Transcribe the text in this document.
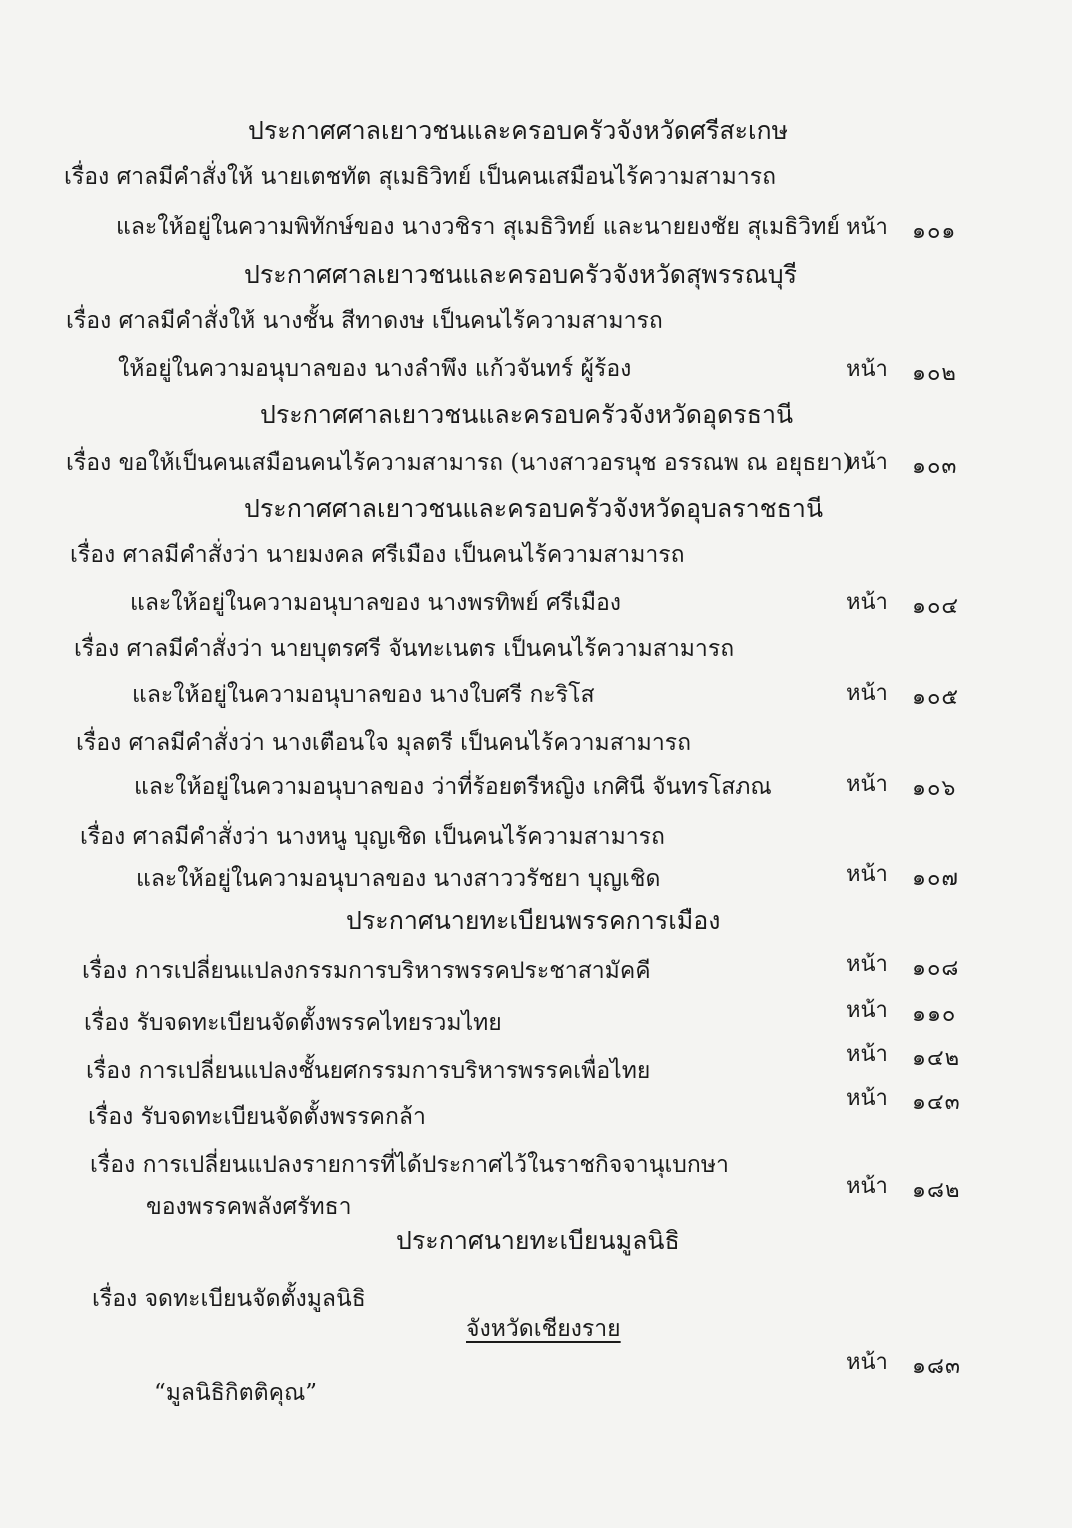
ประกาศศาลเยาวชนและครอบครัวจังหวัดศรีสะเกษ
เรื่อง ศาลมีคำสั่งให้ นายเตชทัต สุเมธิวิทย์ เป็นคนเสมือนไร้ความสามารถ
และให้อยู่ในความพิทักษ์ของ นางวชิรา สุเมธิวิทย์ และนายยงชัย สุเมธิวิทย์ หน้า ๑๐๑
ประกาศศาลเยาวชนและครอบครัวจังหวัดสุพรรณบุรี
เรื่อง ศาลมีคำสั่งให้ นางชั้น สีทาดงษ เป็นคนไร้ความสามารถ
ให้อยู่ในความอนุบาลของ นางลำพึง แก้วจันทร์ ผู้ร้อง	หน้า ๑๐๒
ประกาศศาลเยาวชนและครอบครัวจังหวัดอุดรธานี
เรื่อง ขอให้เป็นคนเสมือนคนไร้ความสามารถ (นางสาวอรนุช อรรณพ ณ อยุธยา)
หน้า ๑๐๓
ประกาศศาลเยาวชนและครอบครัวจังหวัดอุบลราชธานี
เรื่อง ศาลมีคำสั่งว่า นายมงคล ศรีเมือง เป็นคนไร้ความสามารถ
และให้อยู่ในความอนุบาลของ นางพรทิพย์ ศรีเมือง	หน้า ๑๐๔
เรื่อง ศาลมีคำสั่งว่า นายบุตรศรี จันทะเนตร เป็นคนไร้ความสามารถ
และให้อยู่ในความอนุบาลของ นางใบศรี กะริโส	หน้า ๑๐๕
เรื่อง ศาลมีคำสั่งว่า นางเตือนใจ มุลตรี เป็นคนไร้ความสามารถ
และให้อยู่ในความอนุบาลของ ว่าที่ร้อยตรีหญิง เกศินี จันทรโสภณ	หน้า ๑๐๖
เรื่อง ศาลมีคำสั่งว่า นางหนู บุญเชิด เป็นคนไร้ความสามารถ
และให้อยู่ในความอนุบาลของ นางสาววรัชยา บุญเชิด	หน้า ๑๐๗
ประกาศนายทะเบียนพรรคการเมือง
เรื่อง การเปลี่ยนแปลงกรรมการบริหารพรรคประชาสามัคคี	หน้า ๑๐๘
เรื่อง รับจดทะเบียนจัดตั้งพรรคไทยรวมไทย	หน้า ๑๑๐
เรื่อง การเปลี่ยนแปลงชั้นยศกรรมการบริหารพรรคเพื่อไทย
หน้า ๑๔๒
เรื่อง รับจดทะเบียนจัดตั้งพรรคกล้า
หน้า ๑๔๓
เรื่อง การเปลี่ยนแปลงรายการที่ได้ประกาศไว้ในราชกิจจานุเบกษา
ของพรรคพลังศรัทธา
หน้า ๑๘๒
ประกาศนายทะเบียนมูลนิธิ
เรื่อง จดทะเบียนจัดตั้งมูลนิธิ
จังหวัดเชียงราย
หน้า ๑๘๓
“มูลนิธิกิตติคุณ”
